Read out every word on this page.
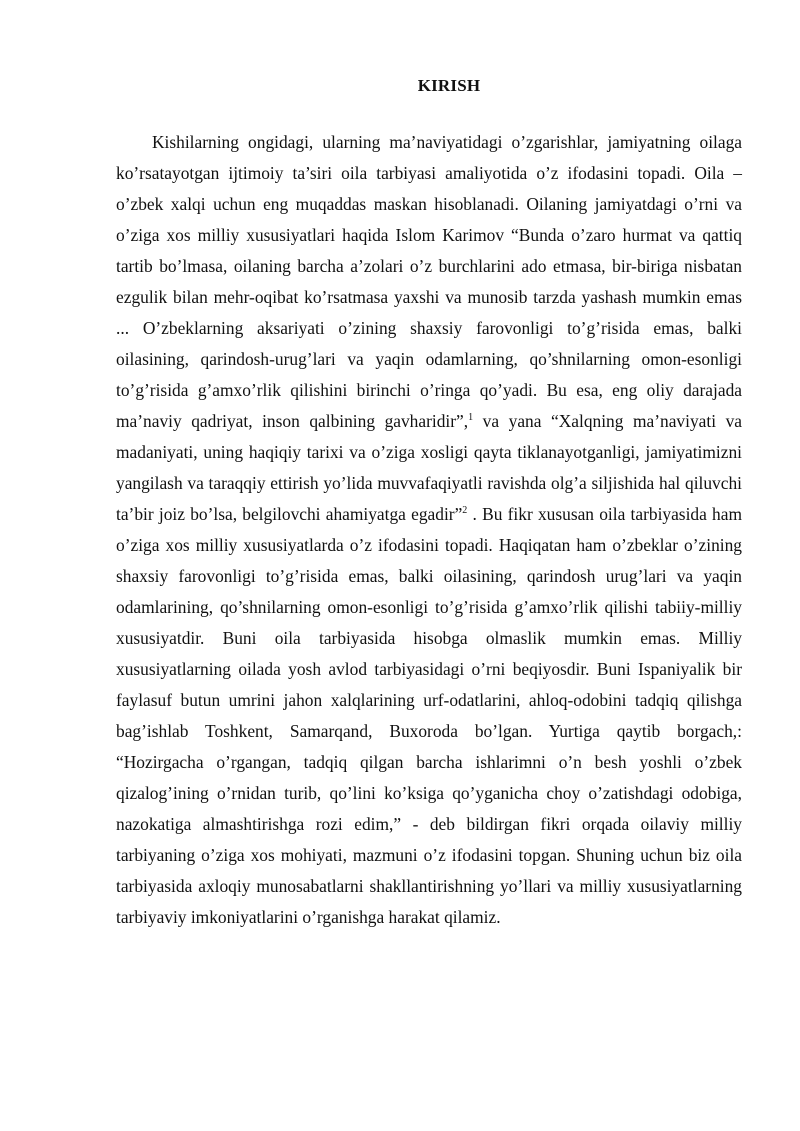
KIRISH

Kishilarning ongidagi, ularning ma’naviyatidagi o’zgarishlar, jamiyatning oilaga ko’rsatayotgan ijtimoiy ta’siri oila tarbiyasi amaliyotida o’z ifodasini topadi. Oila – o’zbek xalqi uchun eng muqaddas maskan hisoblanadi. Oilaning jamiyatdagi o’rni va o’ziga xos milliy xususiyatlari haqida Islom Karimov “Bunda o’zaro hurmat va qattiq tartib bo’lmasa, oilaning barcha a’zolari o’z burchlarini ado etmasa, bir-biriga nisbatan ezgulik bilan mehr-oqibat ko’rsatmasa yaxshi va munosib tarzda yashash mumkin emas ... O’zbeklarning aksariyati o’zining shaxsiy farovonligi to’g’risida emas, balki oilasining, qarindosh-urug’lari va yaqin odamlarning, qo’shnilarning omon-esonligi to’g’risida g’amxo’rlik qilishini birinchi o’ringa qo’yadi. Bu esa, eng oliy darajada ma’naviy qadriyat, inson qalbining gavharidir”,$^1$ va yana “Xalqning ma’naviyati va madaniyati, uning haqiqiy tarixi va o’ziga xosligi qayta tiklanayotganligi, jamiyatimizni yangilash va taraqqiy ettirish yo’lida muvvafaqiyatli ravishda olg’a siljishida hal qiluvchi ta’bir joiz bo’lsa, belgilovchi ahamiyatga egadir”$^2$ . Bu fikr xususan oila tarbiyasida ham o’ziga xos milliy xususiyatlarda o’z ifodasini topadi. Haqiqatan ham o’zbeklar o’zining shaxsiy farovonligi to’g’risida emas, balki oilasining, qarindosh urug’lari va yaqin odamlarining, qo’shnilarning omon-esonligi to’g’risida g’amxo’rlik qilishi tabiiy-milliy xususiyatdir. Buni oila tarbiyasida hisobga olmaslik mumkin emas. Milliy xususiyatlarning oilada yosh avlod tarbiyasidagi o’rni beqiyosdir. Buni Ispaniyalik bir faylasuf butun umrini jahon xalqlarining urf-odatlarini, ahloq-odobini tadqiq qilishga bag’ishlab Toshkent, Samarqand, Buxoroda bo’lgan. Yurtiga qaytib borgach,: “Hozirgacha o’rgangan, tadqiq qilgan barcha ishlarimni o’n besh yoshli o’zbek qizalog’ining o’rnidan turib, qo’lini ko’ksiga qo’yganicha choy o’zatishdagi odobiga, nazokatiga almashtirishga rozi edim,” - deb bildirgan fikri orqada oilaviy milliy tarbiyaning o’ziga xos mohiyati, mazmuni o’z ifodasini topgan. Shuning uchun biz oila tarbiyasida axloqiy munosabatlarni shakllantirishning yo’llari va milliy xususiyatlarning tarbiyaviy imkoniyatlarini o’rganishga harakat qilamiz.
